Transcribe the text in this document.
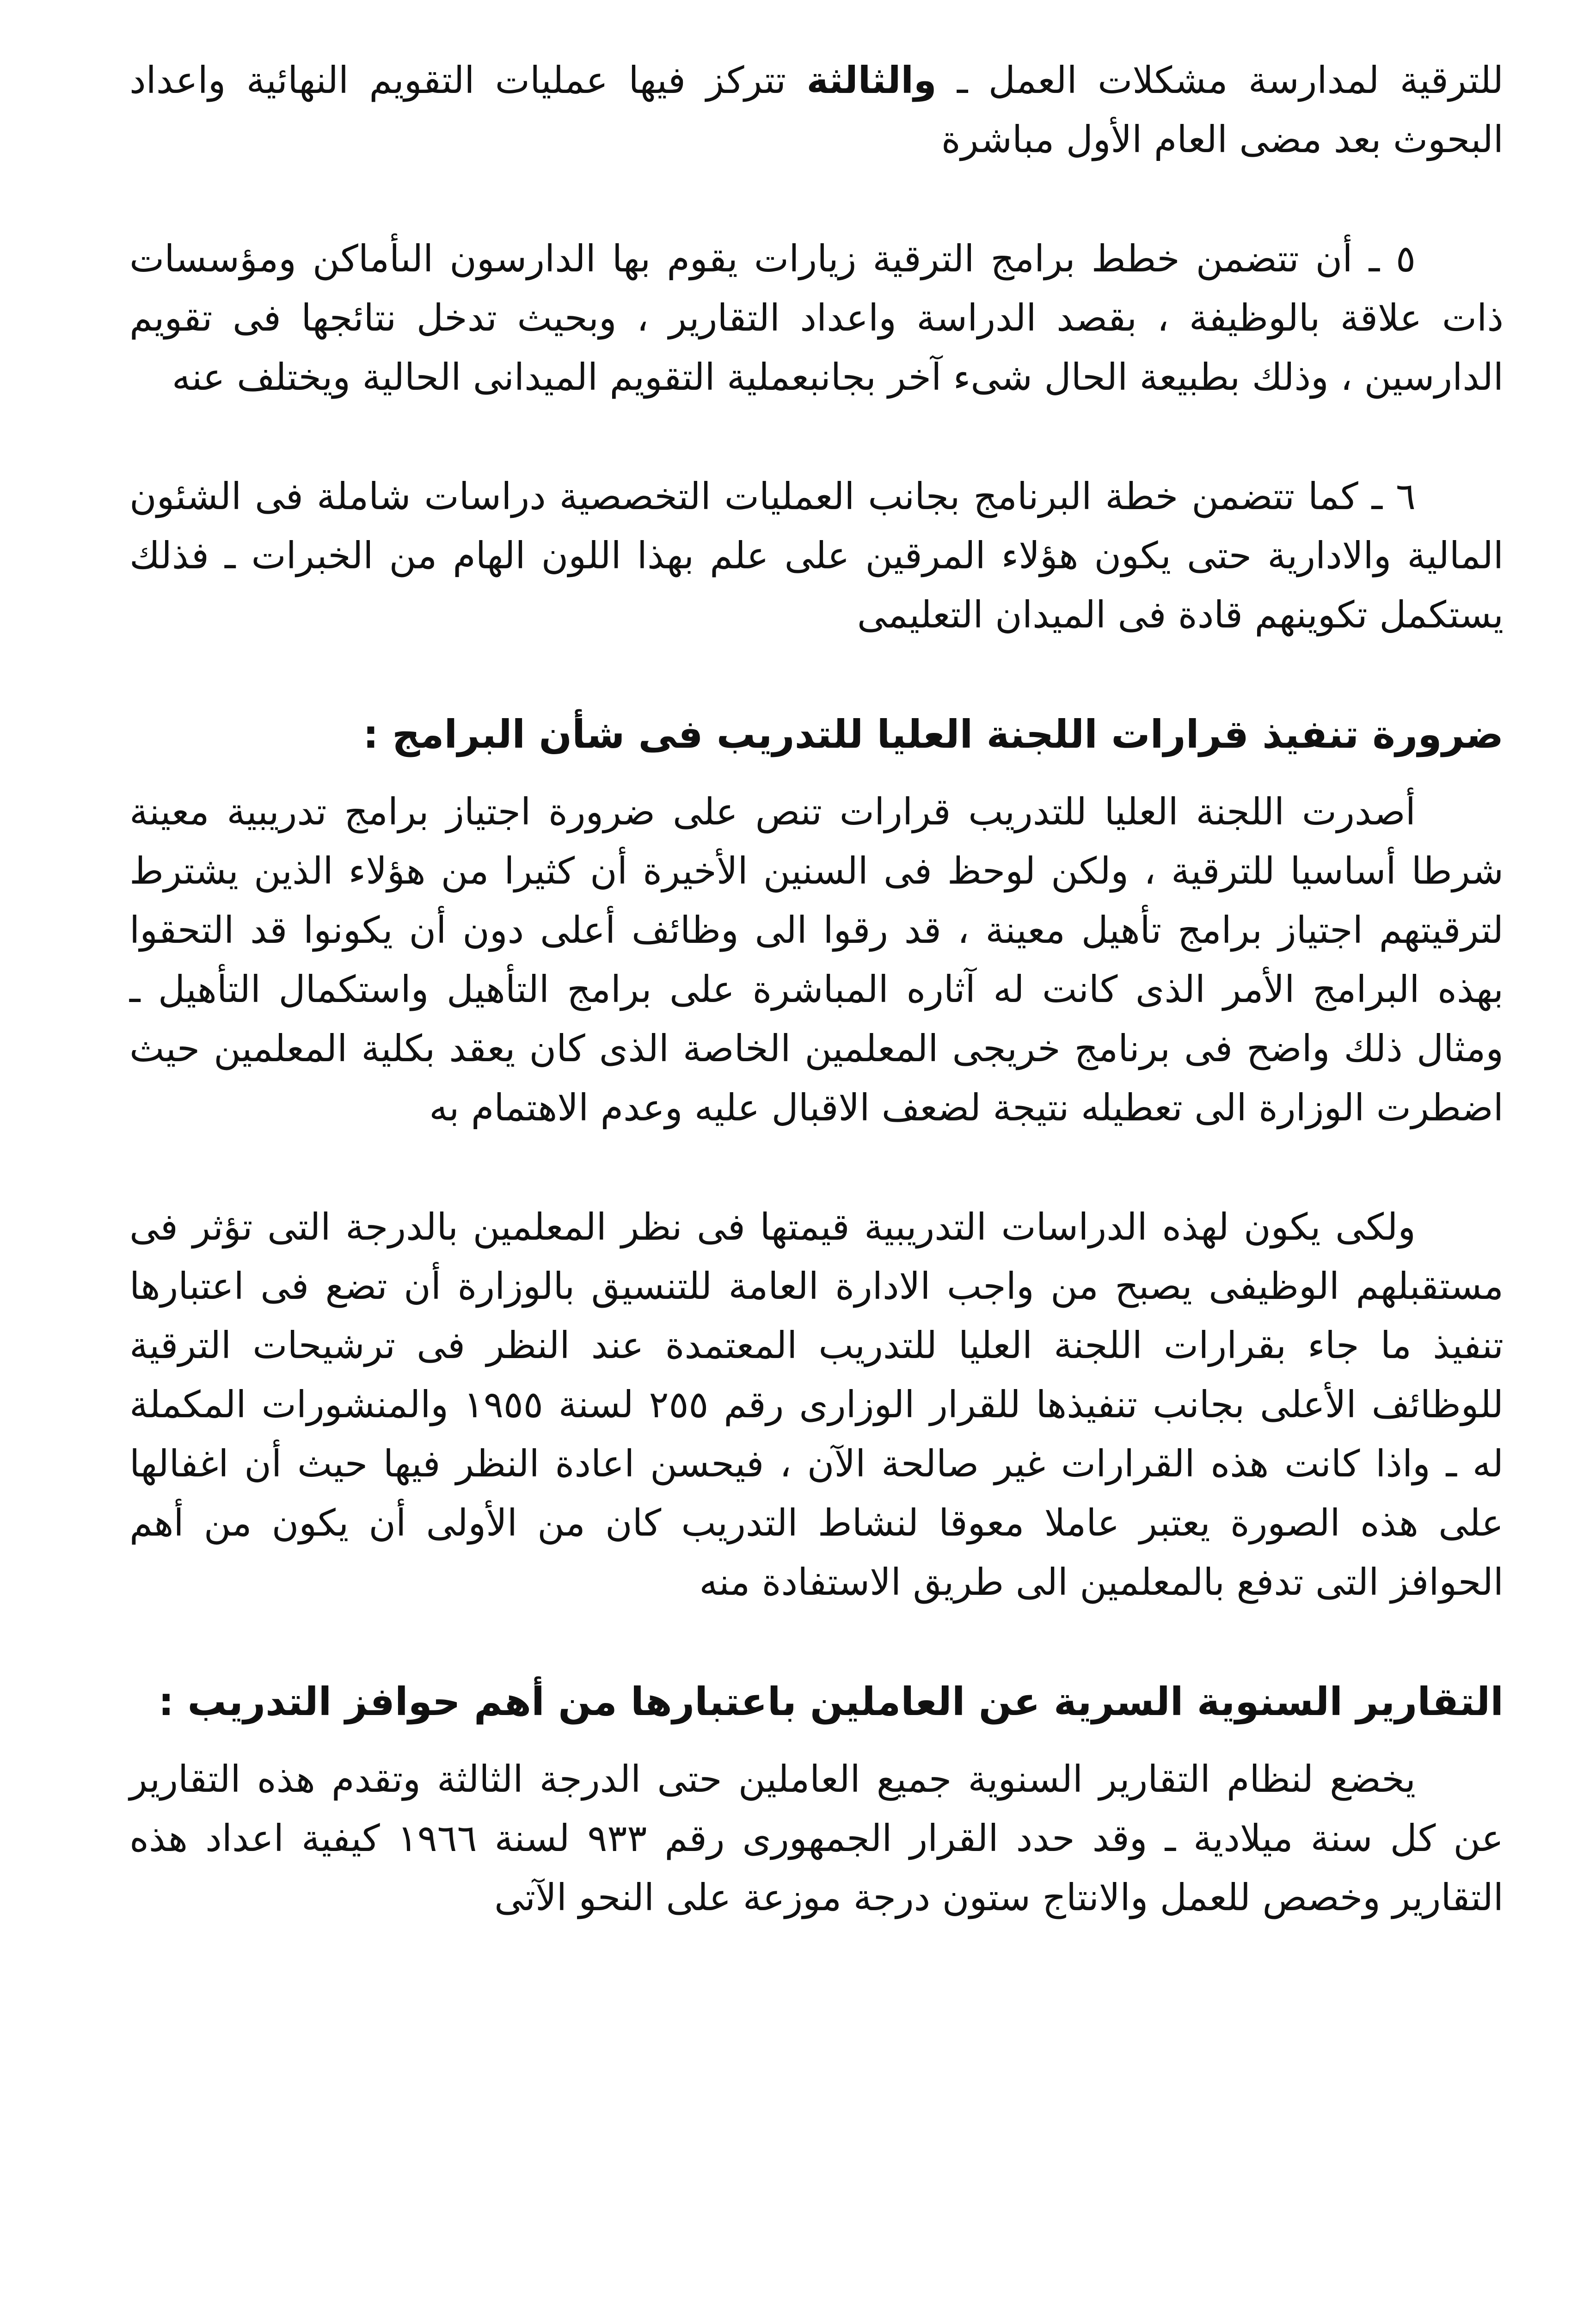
للترقية لمدارسة مشكلات العمل ـ والثالثة تتركز فيها عمليات التقويم النهائية واعداد البحوث بعد مضى العام الأول مباشرة

٥ ـ أن تتضمن خطط برامج الترقية زيارات يقوم بها الدارسون الىأماكن ومؤسسات ذات علاقة بالوظيفة ، بقصد الدراسة واعداد التقارير ، وبحيث تدخل نتائجها فى تقويم الدارسين ، وذلك بطبيعة الحال شىء آخر بجانبعملية التقويم الميدانى الحالية ويختلف عنه

٦ ـ كما تتضمن خطة البرنامج بجانب العمليات التخصصية دراسات شاملة فى الشئون المالية والادارية حتى يكون هؤلاء المرقين على علم بهذا اللون الهام من الخبرات ـ فذلك يستكمل تكوينهم قادة فى الميدان التعليمى

ضرورة تنفيذ قرارات اللجنة العليا للتدريب فى شأن البرامج :

أصدرت اللجنة العليا للتدريب قرارات تنص على ضرورة اجتياز برامج تدريبية معينة شرطا أساسيا للترقية ، ولكن لوحظ فى السنين الأخيرة أن كثيرا من هؤلاء الذين يشترط لترقيتهم اجتياز برامج تأهيل معينة ، قد رقوا الى وظائف أعلى دون أن يكونوا قد التحقوا بهذه البرامج الأمر الذى كانت له آثاره المباشرة على برامج التأهيل واستكمال التأهيل ـ ومثال ذلك واضح فى برنامج خريجى المعلمين الخاصة الذى كان يعقد بكلية المعلمين حيث اضطرت الوزارة الى تعطيله نتيجة لضعف الاقبال عليه وعدم الاهتمام به

ولكى يكون لهذه الدراسات التدريبية قيمتها فى نظر المعلمين بالدرجة التى تؤثر فى مستقبلهم الوظيفى يصبح من واجب الادارة العامة للتنسيق بالوزارة أن تضع فى اعتبارها تنفيذ ما جاء بقرارات اللجنة العليا للتدريب المعتمدة عند النظر فى ترشيحات الترقية للوظائف الأعلى بجانب تنفيذها للقرار الوزارى رقم ٢٥٥ لسنة ١٩٥٥ والمنشورات المكملة له ـ واذا كانت هذه القرارات غير صالحة الآن ، فيحسن اعادة النظر فيها حيث أن اغفالها على هذه الصورة يعتبر عاملا معوقا لنشاط التدريب كان من الأولى أن يكون من أهم الحوافز التى تدفع بالمعلمين الى طريق الاستفادة منه

التقارير السنوية السرية عن العاملين باعتبارها من أهم حوافز التدريب :

يخضع لنظام التقارير السنوية جميع العاملين حتى الدرجة الثالثة وتقدم هذه التقارير عن كل سنة ميلادية ـ وقد حدد القرار الجمهورى رقم ٩٣٣ لسنة ١٩٦٦ كيفية اعداد هذه التقارير وخصص للعمل والانتاج ستون درجة موزعة على النحو الآتى
